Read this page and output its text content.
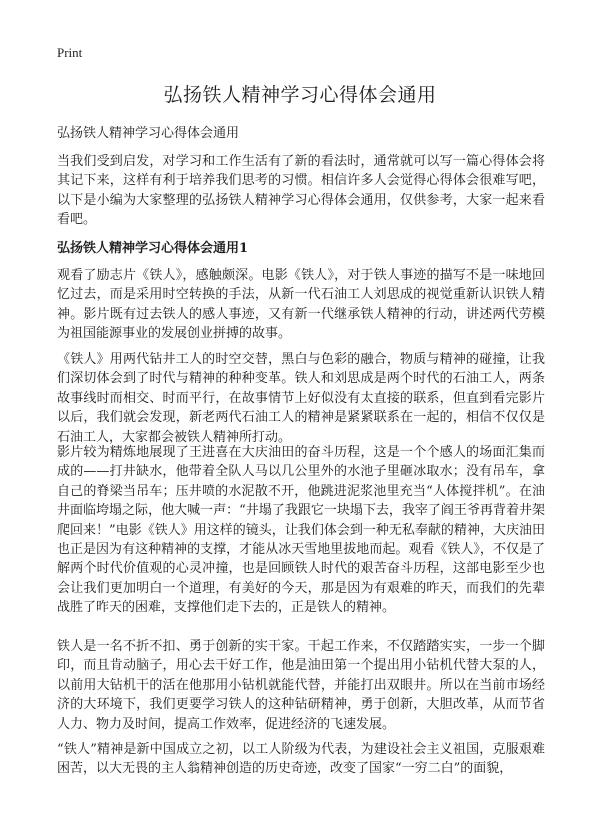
Print
弘扬铁人精神学习心得体会通用

弘扬铁人精神学习心得体会通用

当我们受到启发，对学习和工作生活有了新的看法时，通常就可以写一篇心得体会将其记下来，这样有利于培养我们思考的习惯。相信许多人会觉得心得体会很难写吧，以下是小编为大家整理的弘扬铁人精神学习心得体会通用，仅供参考，大家一起来看看吧。

弘扬铁人精神学习心得体会通用1

观看了励志片《铁人》，感触颇深。电影《铁人》，对于铁人事迹的描写不是一味地回忆过去，而是采用时空转换的手法，从新一代石油工人刘思成的视觉重新认识铁人精神。影片既有过去铁人的感人事迹，又有新一代继承铁人精神的行动，讲述两代劳模为祖国能源事业的发展创业拼搏的故事。

《铁人》用两代钻井工人的时空交替，黑白与色彩的融合，物质与精神的碰撞，让我们深切体会到了时代与精神的种种变革。铁人和刘思成是两个时代的石油工人，两条故事线时而相交、时而平行，在故事情节上好似没有太直接的联系，但直到看完影片以后，我们就会发现，新老两代石油工人的精神是紧紧联系在一起的，相信不仅仅是石油工人，大家都会被铁人精神所打动。

影片较为精炼地展现了王进喜在大庆油田的奋斗历程，这是一个个感人的场面汇集而成的——打井缺水，他带着全队人马以几公里外的水池子里砸冰取水；没有吊车，拿自己的脊梁当吊车；压井喷的水泥散不开，他跳进泥浆池里充当“人体搅拌机”。在油井面临垮塌之际，他大喊一声：“井塌了我跟它一块塌下去，我宰了阎王爷再背着井架爬回来！”电影《铁人》用这样的镜头，让我们体会到一种无私奉献的精神，大庆油田也正是因为有这种精神的支撑，才能从冰天雪地里拔地而起。观看《铁人》，不仅是了解两个时代价值观的心灵冲撞，也是回顾铁人时代的艰苦奋斗历程，这部电影至少也会让我们更加明白一个道理，有美好的今天，那是因为有艰难的昨天，而我们的先辈战胜了昨天的困难，支撑他们走下去的，正是铁人的精神。

铁人是一名不折不扣、勇于创新的实干家。干起工作来，不仅踏踏实实，一步一个脚印，而且肯动脑子，用心去干好工作，他是油田第一个提出用小钻机代替大泵的人，以前用大钻机干的活在他那用小钻机就能代替，并能打出双眼井。所以在当前市场经济的大环境下，我们更要学习铁人的这种钻研精神，勇于创新，大胆改革，从而节省人力、物力及时间，提高工作效率，促进经济的飞速发展。

“铁人”精神是新中国成立之初，以工人阶级为代表，为建设社会主义祖国，克服艰难困苦，以大无畏的主人翁精神创造的历史奇迹，改变了国家“一穷二白”的面貌，
